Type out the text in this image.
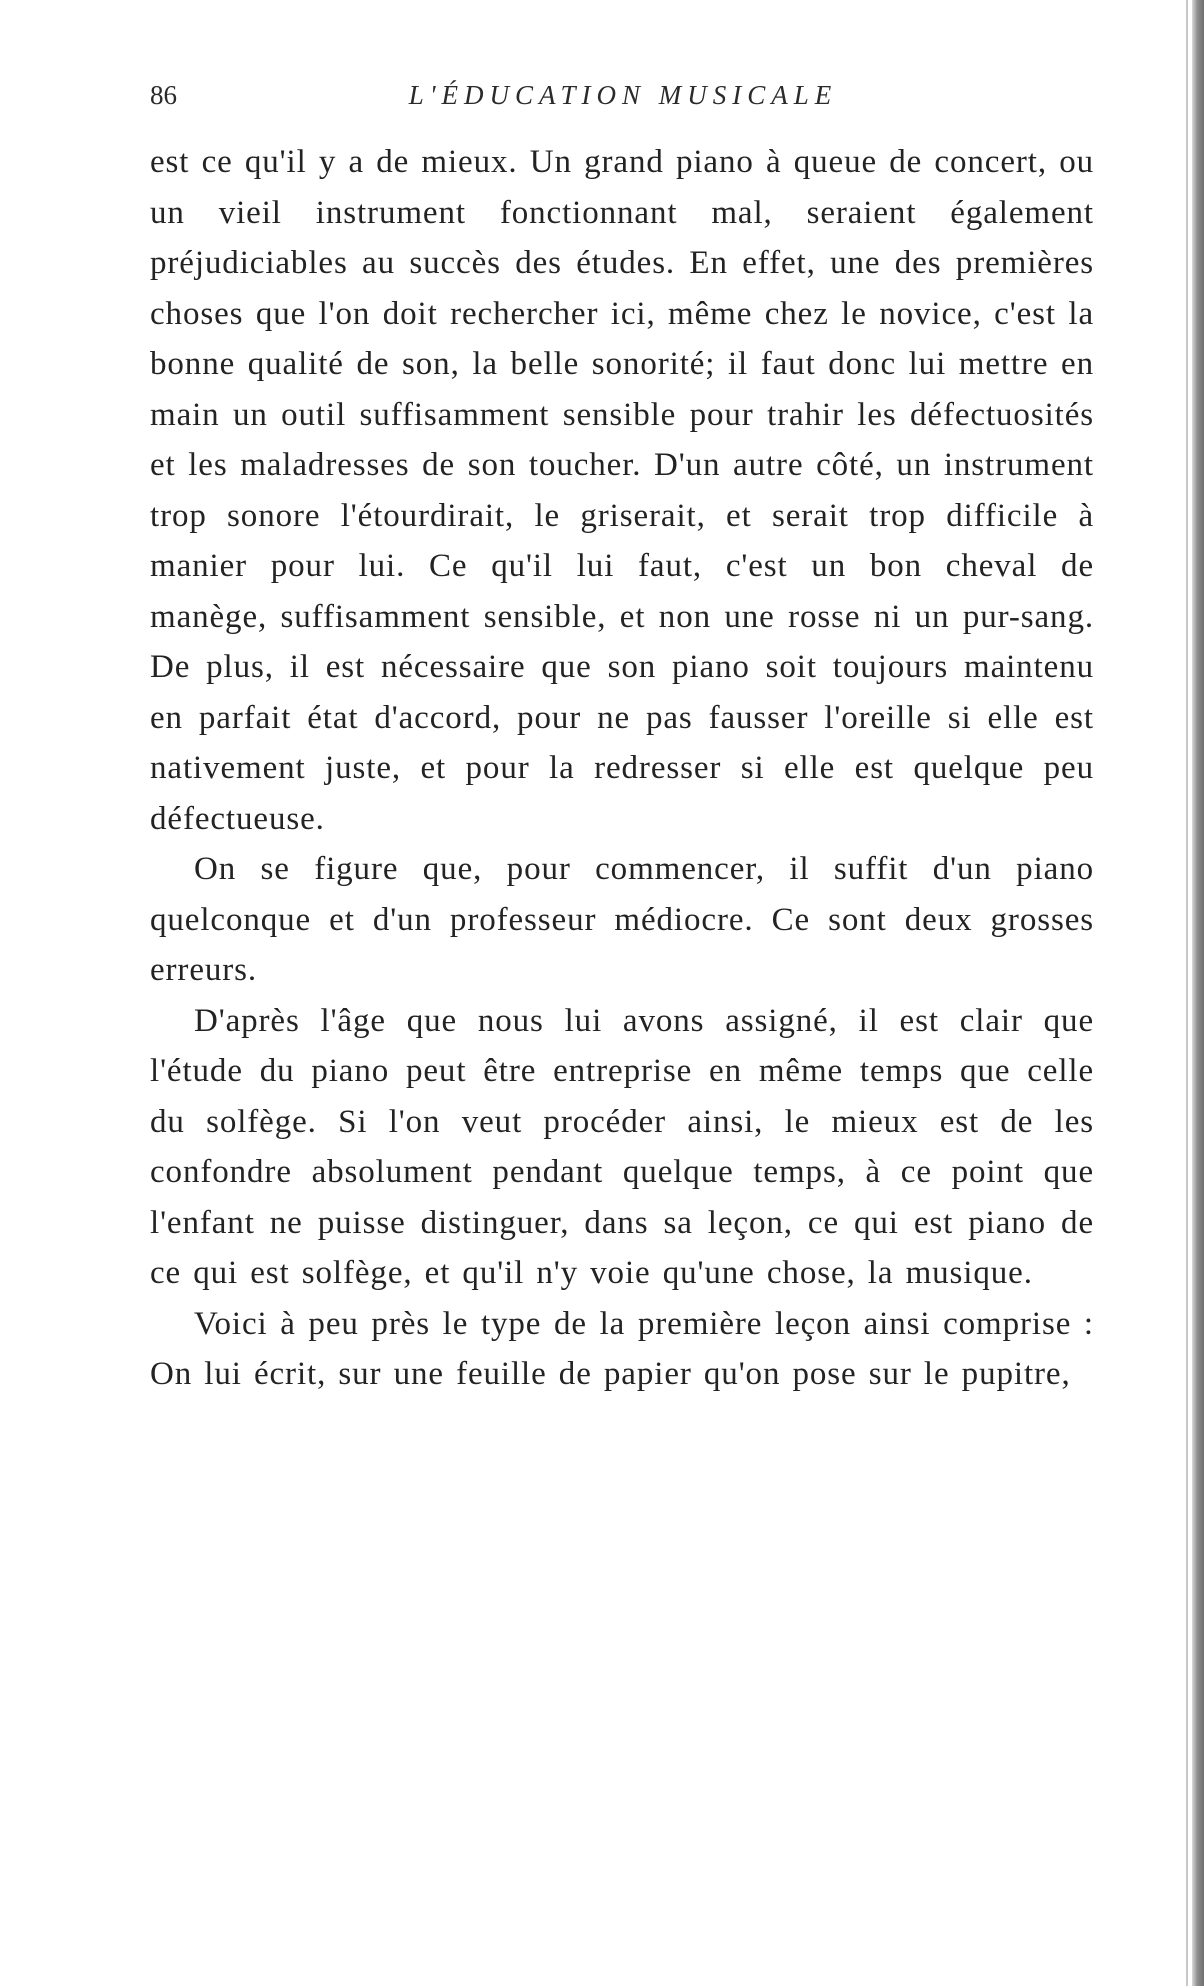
86	L'ÉDUCATION MUSICALE

est ce qu'il y a de mieux. Un grand piano à queue de concert, ou un vieil instrument fonctionnant mal, seraient également préjudiciables au succès des études. En effet, une des premières choses que l'on doit rechercher ici, même chez le novice, c'est la bonne qualité de son, la belle sonorité; il faut donc lui mettre en main un outil suffisamment sensible pour trahir les défectuosités et les maladresses de son toucher. D'un autre côté, un instrument trop sonore l'étourdirait, le griserait, et serait trop difficile à manier pour lui. Ce qu'il lui faut, c'est un bon cheval de manège, suffisamment sensible, et non une rosse ni un pur-sang. De plus, il est nécessaire que son piano soit toujours maintenu en parfait état d'accord, pour ne pas fausser l'oreille si elle est nativement juste, et pour la redresser si elle est quelque peu défectueuse.

On se figure que, pour commencer, il suffit d'un piano quelconque et d'un professeur médiocre. Ce sont deux grosses erreurs.

D'après l'âge que nous lui avons assigné, il est clair que l'étude du piano peut être entreprise en même temps que celle du solfège. Si l'on veut procéder ainsi, le mieux est de les confondre absolument pendant quelque temps, à ce point que l'enfant ne puisse distinguer, dans sa leçon, ce qui est piano de ce qui est solfège, et qu'il n'y voie qu'une chose, la musique.

Voici à peu près le type de la première leçon ainsi comprise : On lui écrit, sur une feuille de papier qu'on pose sur le pupitre,
